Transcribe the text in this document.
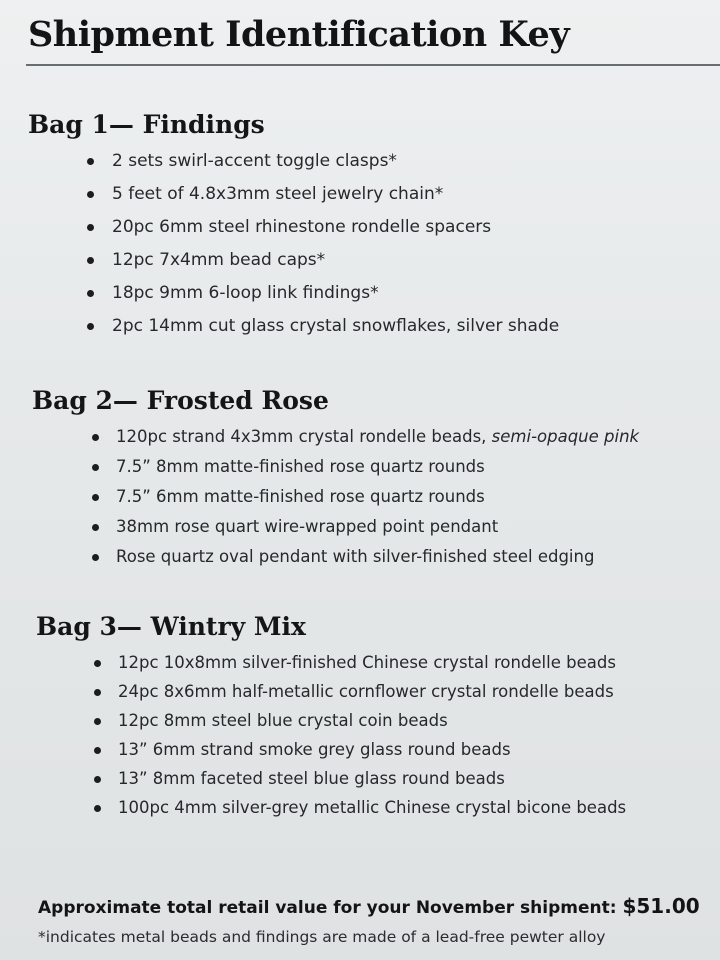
Shipment Identification Key
Bag 1— Findings
2 sets swirl-accent toggle clasps*
5 feet of 4.8x3mm steel jewelry chain*
20pc 6mm steel rhinestone rondelle spacers
12pc 7x4mm bead caps*
18pc 9mm 6-loop link findings*
2pc 14mm cut glass crystal snowflakes, silver shade
Bag 2— Frosted Rose
120pc strand 4x3mm crystal rondelle beads, semi-opaque pink
7.5” 8mm matte-finished rose quartz rounds
7.5” 6mm matte-finished rose quartz rounds
38mm rose quart wire-wrapped point pendant
Rose quartz oval pendant with silver-finished steel edging
Bag 3— Wintry Mix
12pc 10x8mm silver-finished Chinese crystal rondelle beads
24pc 8x6mm half-metallic cornflower crystal rondelle beads
12pc 8mm steel blue crystal coin beads
13” 6mm strand smoke grey glass round beads
13” 8mm faceted steel blue glass round beads
100pc 4mm silver-grey metallic Chinese crystal bicone beads

Approximate total retail value for your November shipment: $51.00

*indicates metal beads and findings are made of a lead-free pewter alloy
